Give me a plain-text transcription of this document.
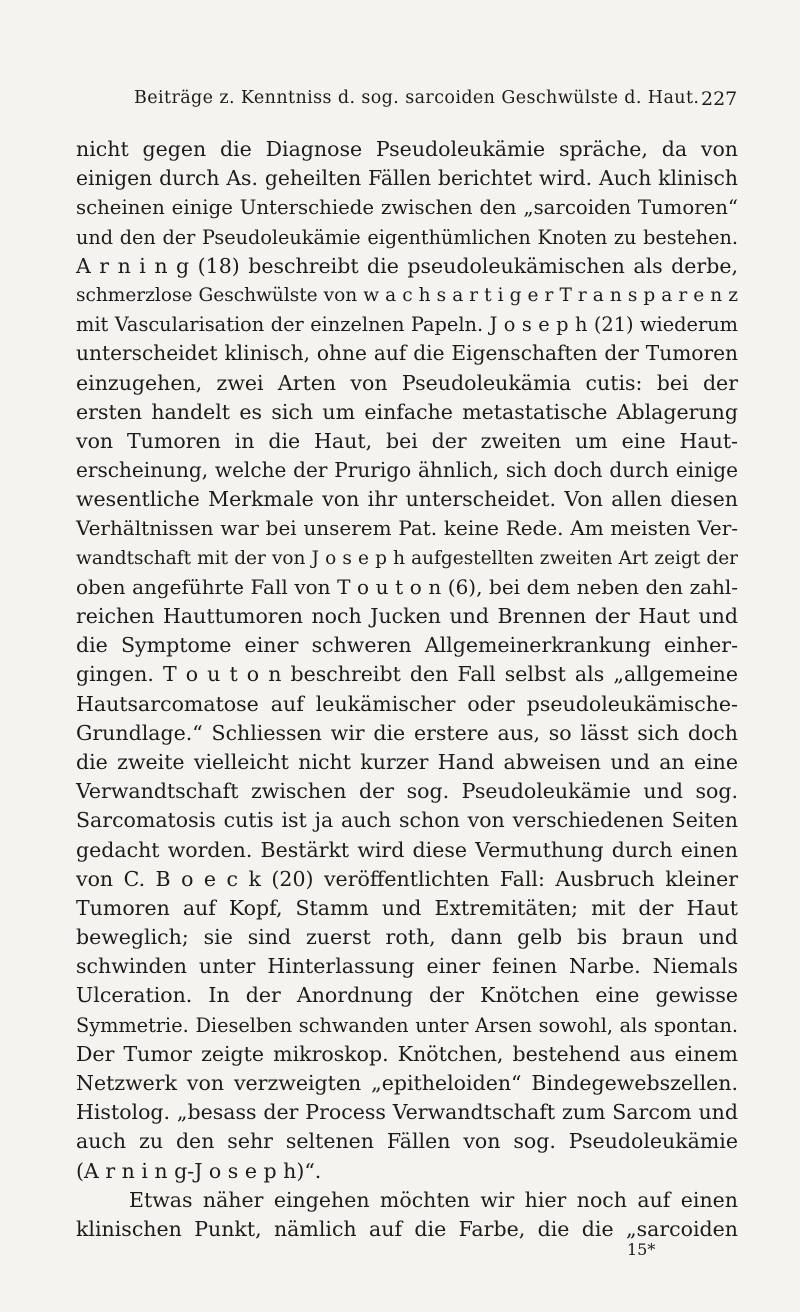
Beiträge z. Kenntniss d. sog. sarcoiden Geschwülste d. Haut. 227
nicht gegen die Diagnose Pseudoleukämie spräche, da von
einigen durch As. geheilten Fällen berichtet wird. Auch klinisch
scheinen einige Unterschiede zwischen den „sarcoiden Tumoren“
und den der Pseudoleukämie eigenthümlichen Knoten zu bestehen.
A r n i n g (18) beschreibt die pseudoleukämischen als derbe,
schmerzlose Geschwülste von w a c h s a r t i g e r T r a n s p a r e n z
mit Vascularisation der einzelnen Papeln. J o s e p h (21) wiederum
unterscheidet klinisch, ohne auf die Eigenschaften der Tumoren
einzugehen, zwei Arten von Pseudoleukämia cutis: bei der
ersten handelt es sich um einfache metastatische Ablagerung
von Tumoren in die Haut, bei der zweiten um eine Haut-
erscheinung, welche der Prurigo ähnlich, sich doch durch einige
wesentliche Merkmale von ihr unterscheidet. Von allen diesen
Verhältnissen war bei unserem Pat. keine Rede. Am meisten Ver-
wandtschaft mit der von J o s e p h aufgestellten zweiten Art zeigt der
oben angeführte Fall von T o u t o n (6), bei dem neben den zahl-
reichen Hauttumoren noch Jucken und Brennen der Haut und
die Symptome einer schweren Allgemeinerkrankung einher-
gingen. T o u t o n beschreibt den Fall selbst als „allgemeine
Hautsarcomatose auf leukämischer oder pseudoleukämische-
Grundlage.“ Schliessen wir die erstere aus, so lässt sich doch
die zweite vielleicht nicht kurzer Hand abweisen und an eine
Verwandtschaft zwischen der sog. Pseudoleukämie und sog.
Sarcomatosis cutis ist ja auch schon von verschiedenen Seiten
gedacht worden. Bestärkt wird diese Vermuthung durch einen
von C. B o e c k (20) veröffentlichten Fall: Ausbruch kleiner
Tumoren auf Kopf, Stamm und Extremitäten; mit der Haut
beweglich; sie sind zuerst roth, dann gelb bis braun und
schwinden unter Hinterlassung einer feinen Narbe. Niemals
Ulceration. In der Anordnung der Knötchen eine gewisse
Symmetrie. Dieselben schwanden unter Arsen sowohl, als spontan.
Der Tumor zeigte mikroskop. Knötchen, bestehend aus einem
Netzwerk von verzweigten „epitheloiden“ Bindegewebszellen.
Histolog. „besass der Process Verwandtschaft zum Sarcom und
auch zu den sehr seltenen Fällen von sog. Pseudoleukämie
(A r n i n g-J o s e p h)“.
Etwas näher eingehen möchten wir hier noch auf einen
klinischen Punkt, nämlich auf die Farbe, die die „sarcoiden
15*
